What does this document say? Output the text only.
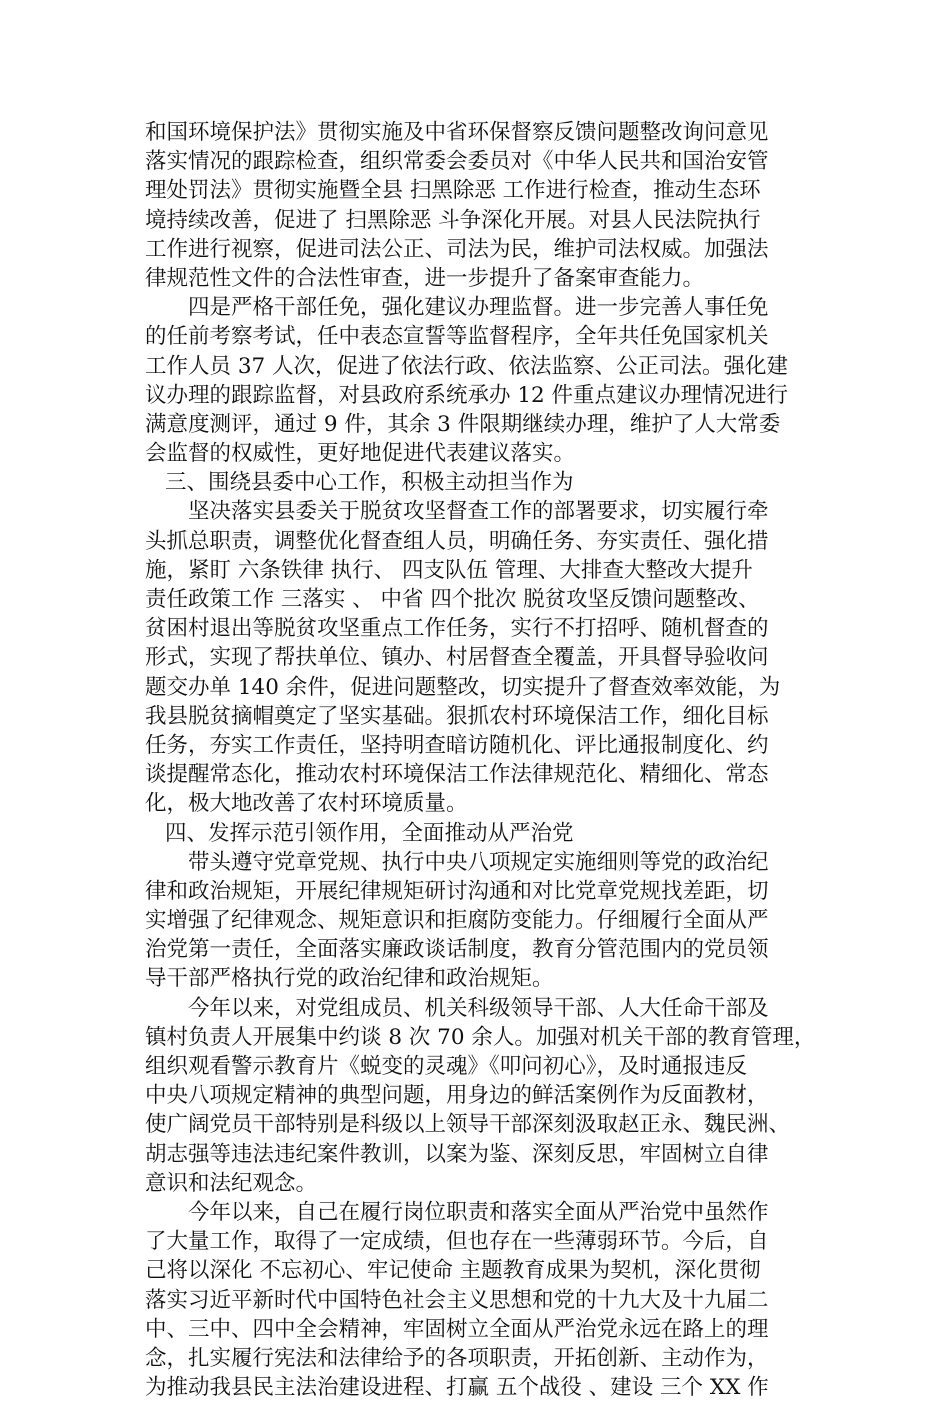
和国环境保护法》贯彻实施及中省环保督察反馈问题整改询问意见
落实情况的跟踪检查，组织常委会委员对《中华人民共和国治安管
理处罚法》贯彻实施暨全县 扫黑除恶 工作进行检查，推动生态环
境持续改善，促进了 扫黑除恶 斗争深化开展。对县人民法院执行
工作进行视察，促进司法公正、司法为民，维护司法权威。加强法
律规范性文件的合法性审查，进一步提升了备案审查能力。
四是严格干部任免，强化建议办理监督。进一步完善人事任免
的任前考察考试，任中表态宣誓等监督程序，全年共任免国家机关
工作人员 37 人次，促进了依法行政、依法监察、公正司法。强化建
议办理的跟踪监督，对县政府系统承办 12 件重点建议办理情况进行
满意度测评，通过 9 件，其余 3 件限期继续办理，维护了人大常委
会监督的权威性，更好地促进代表建议落实。
三、围绕县委中心工作，积极主动担当作为
坚决落实县委关于脱贫攻坚督查工作的部署要求，切实履行牵
头抓总职责，调整优化督查组人员，明确任务、夯实责任、强化措
施，紧盯 六条铁律 执行、 四支队伍 管理、大排查大整改大提升
责任政策工作 三落实 、 中省 四个批次 脱贫攻坚反馈问题整改、
贫困村退出等脱贫攻坚重点工作任务，实行不打招呼、随机督查的
形式，实现了帮扶单位、镇办、村居督查全覆盖，开具督导验收问
题交办单 140 余件，促进问题整改，切实提升了督查效率效能，为
我县脱贫摘帽奠定了坚实基础。狠抓农村环境保洁工作，细化目标
任务，夯实工作责任，坚持明查暗访随机化、评比通报制度化、约
谈提醒常态化，推动农村环境保洁工作法律规范化、精细化、常态
化，极大地改善了农村环境质量。
四、发挥示范引领作用，全面推动从严治党
带头遵守党章党规、执行中央八项规定实施细则等党的政治纪
律和政治规矩，开展纪律规矩研讨沟通和对比党章党规找差距，切
实增强了纪律观念、规矩意识和拒腐防变能力。仔细履行全面从严
治党第一责任，全面落实廉政谈话制度，教育分管范围内的党员领
导干部严格执行党的政治纪律和政治规矩。
今年以来，对党组成员、机关科级领导干部、人大任命干部及
镇村负责人开展集中约谈 8 次 70 余人。加强对机关干部的教育管理，
组织观看警示教育片《蜕变的灵魂》《叩问初心》，及时通报违反
中央八项规定精神的典型问题，用身边的鲜活案例作为反面教材，
使广阔党员干部特别是科级以上领导干部深刻汲取赵正永、魏民洲、
胡志强等违法违纪案件教训，以案为鉴、深刻反思，牢固树立自律
意识和法纪观念。
今年以来，自己在履行岗位职责和落实全面从严治党中虽然作
了大量工作，取得了一定成绩，但也存在一些薄弱环节。今后，自
己将以深化 不忘初心、牢记使命 主题教育成果为契机，深化贯彻
落实习近平新时代中国特色社会主义思想和党的十九大及十九届二
中、三中、四中全会精神，牢固树立全面从严治党永远在路上的理
念，扎实履行宪法和法律给予的各项职责，开拓创新、主动作为，
为推动我县民主法治建设进程、打赢 五个战役 、建设 三个 XX 作
